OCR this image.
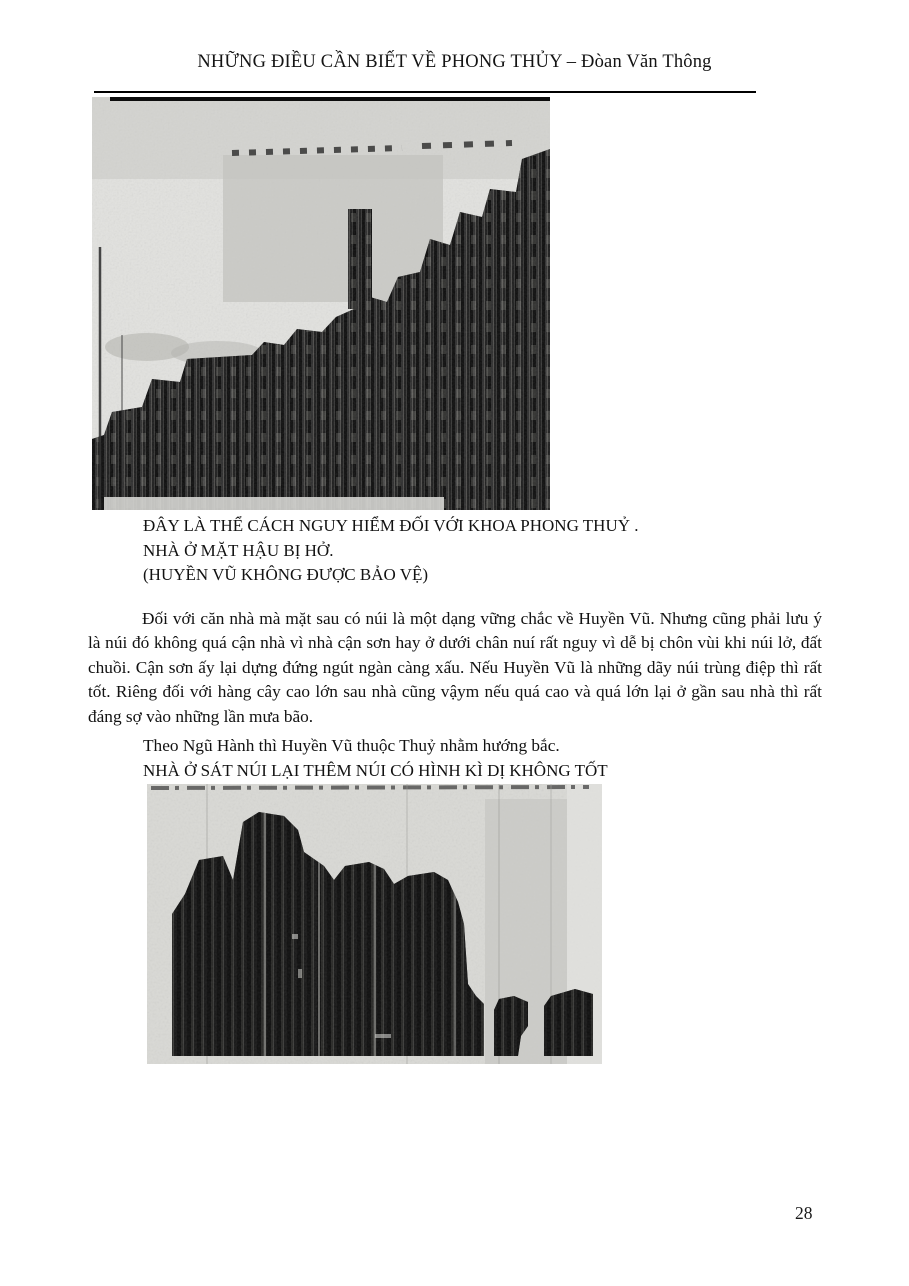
NHỮNG ĐIỀU CẦN BIẾT VỀ PHONG THỦY – Đòan Văn Thông
ĐÂY LÀ THỂ CÁCH NGUY HIỂM ĐỐI VỚI KHOA PHONG THUỶ .
NHÀ Ở MẶT HẬU BỊ HỞ.
(HUYỀN VŨ KHÔNG ĐƯỢC BẢO VỆ)
Đối với căn nhà mà mặt sau có núi là một dạng vững chắc về Huyền Vũ. Nhưng cũng phải lưu ý là núi đó không quá cận nhà vì nhà cận sơn hay ở dưới chân nuí rất nguy vì dễ bị chôn vùi khi núi lở, đất chuồi. Cận sơn ấy lại dựng đứng ngút ngàn càng xấu. Nếu Huyền Vũ là những dãy núi trùng điệp thì rất tốt. Riêng đối với hàng cây cao lớn sau nhà cũng vậym nếu quá cao và quá lớn lại ở gần sau nhà thì rất đáng sợ vào những lần mưa bão.
Theo Ngũ Hành thì Huyền Vũ thuộc Thuỷ nhằm hướng bắc.
NHÀ Ở SÁT NÚI LẠI THÊM NÚI CÓ HÌNH KÌ DỊ KHÔNG TỐT
28
